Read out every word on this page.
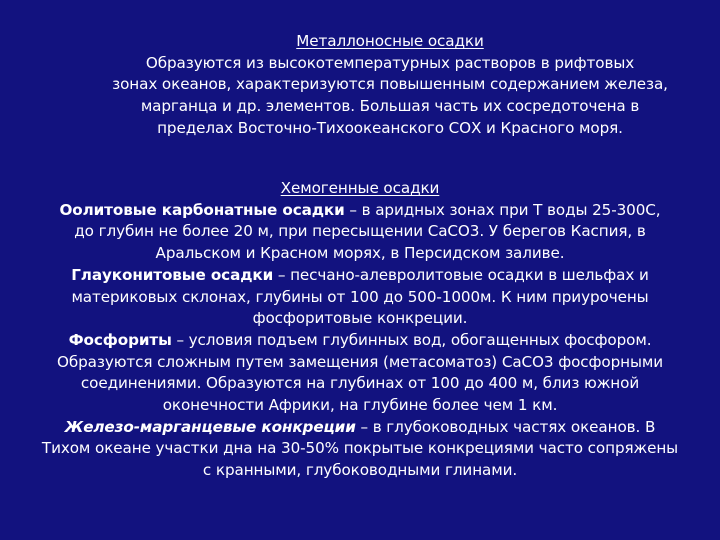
Металлоносные осадки
Образуются из высокотемпературных растворов в рифтовых
зонах океанов, характеризуются повышенным содержанием железа,
марганца и др. элементов. Большая часть их сосредоточена в
пределах Восточно-Тихоокеанского СОХ и Красного моря.
Хемогенные осадки
Оолитовые карбонатные осадки – в аридных зонах при Т воды 25-300С,
до глубин не более 20 м, при пересыщении CaCO3. У берегов Каспия, в
Аральском и Красном морях, в Персидском заливе.
Глауконитовые осадки – песчано-алевролитовые осадки в шельфах и
материковых склонах, глубины от 100 до 500-1000м. К ним приурочены
фосфоритовые конкреции.
Фосфориты – условия подъем глубинных вод, обогащенных фосфором.
Образуются сложным путем замещения (метасоматоз) CaCO3 фосфорными
соединениями. Образуются на глубинах от 100 до 400 м, близ южной
оконечности Африки, на глубине более чем 1 км.
Железо-марганцевые конкреции – в глубоководных частях океанов. В
Тихом океане участки дна на 30-50% покрытые конкрециями часто сопряжены
с кранными, глубоководными глинами.
